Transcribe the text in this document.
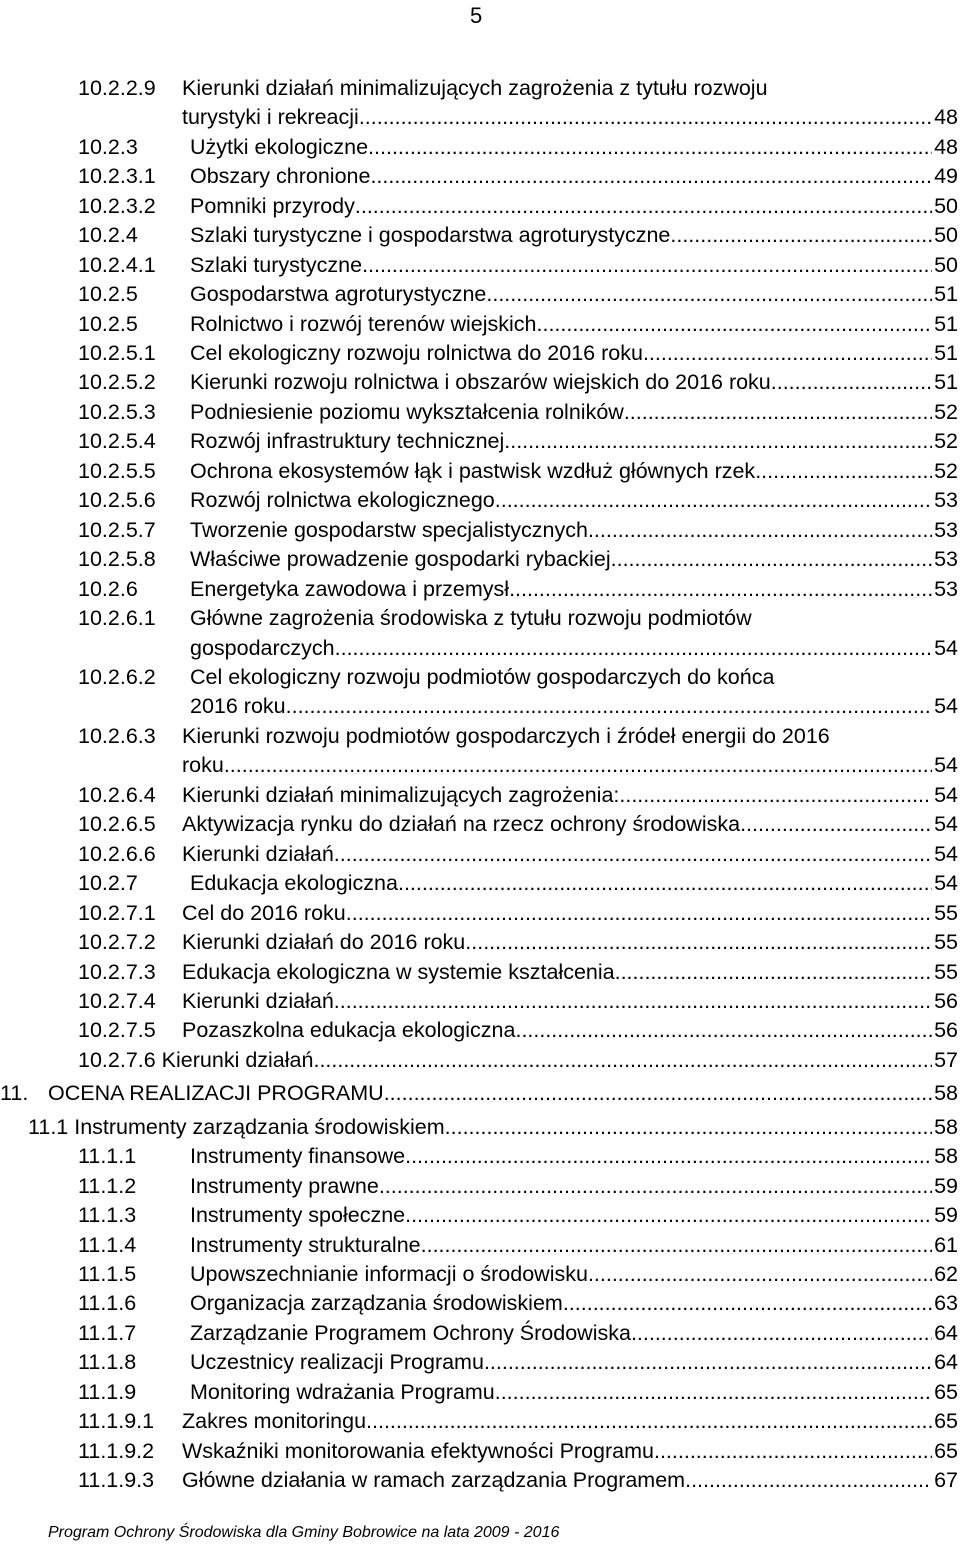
5
10.2.2.9 Kierunki działań minimalizujących zagrożenia z tytułu rozwoju
turystyki i rekreacji .....	48
10.2.3 Użytki ekologiczne .....	48
10.2.3.1 Obszary chronione .....	49
10.2.3.2 Pomniki przyrody .....	50
10.2.4 Szlaki turystyczne i gospodarstwa agroturystyczne .....	50
10.2.4.1 Szlaki turystyczne .....	50
10.2.5 Gospodarstwa agroturystyczne .....	51
10.2.5 Rolnictwo i rozwój terenów wiejskich .....	51
10.2.5.1 Cel ekologiczny rozwoju rolnictwa do 2016 roku .....	51
10.2.5.2 Kierunki rozwoju rolnictwa i obszarów wiejskich do 2016 roku .....	51
10.2.5.3 Podniesienie poziomu wykształcenia rolników .....	52
10.2.5.4 Rozwój infrastruktury technicznej .....	52
10.2.5.5 Ochrona ekosystemów łąk i pastwisk wzdłuż głównych rzek .....	52
10.2.5.6 Rozwój rolnictwa ekologicznego .....	53
10.2.5.7 Tworzenie gospodarstw specjalistycznych .....	53
10.2.5.8 Właściwe prowadzenie gospodarki rybackiej .....	53
10.2.6 Energetyka zawodowa i przemysł .....	53
10.2.6.1 Główne zagrożenia środowiska z tytułu rozwoju podmiotów
gospodarczych .....	54
10.2.6.2 Cel ekologiczny rozwoju podmiotów gospodarczych do końca
2016 roku .....	54
10.2.6.3 Kierunki rozwoju podmiotów gospodarczych i źródeł energii do 2016
roku .....	54
10.2.6.4 Kierunki działań minimalizujących zagrożenia: .....	54
10.2.6.5 Aktywizacja rynku do działań na rzecz ochrony środowiska .....	54
10.2.6.6 Kierunki działań .....	54
10.2.7 Edukacja ekologiczna .....	54
10.2.7.1 Cel do 2016 roku .....	55
10.2.7.2 Kierunki działań do 2016 roku .....	55
10.2.7.3 Edukacja ekologiczna w systemie kształcenia .....	55
10.2.7.4 Kierunki działań .....	56
10.2.7.5 Pozaszkolna edukacja ekologiczna .....	56
10.2.7.6 Kierunki działań .....	57
11. OCENA REALIZACJI PROGRAMU .....	58
11.1 Instrumenty zarządzania środowiskiem .....	58
11.1.1	Instrumenty finansowe .....	58
11.1.2	Instrumenty prawne .....	59
11.1.3	Instrumenty społeczne .....	59
11.1.4	Instrumenty strukturalne .....	61
11.1.5	Upowszechnianie informacji o środowisku .....	62
11.1.6	Organizacja zarządzania środowiskiem .....	63
11.1.7	Zarządzanie Programem Ochrony Środowiska .....	64
11.1.8	Uczestnicy realizacji Programu .....	64
11.1.9	Monitoring wdrażania Programu .....	65
11.1.9.1 Zakres monitoringu .....	65
11.1.9.2 Wskaźniki monitorowania efektywności Programu .....	65
11.1.9.3 Główne działania w ramach zarządzania Programem .....	67
Program Ochrony Środowiska dla Gminy Bobrowice na lata 2009 - 2016
